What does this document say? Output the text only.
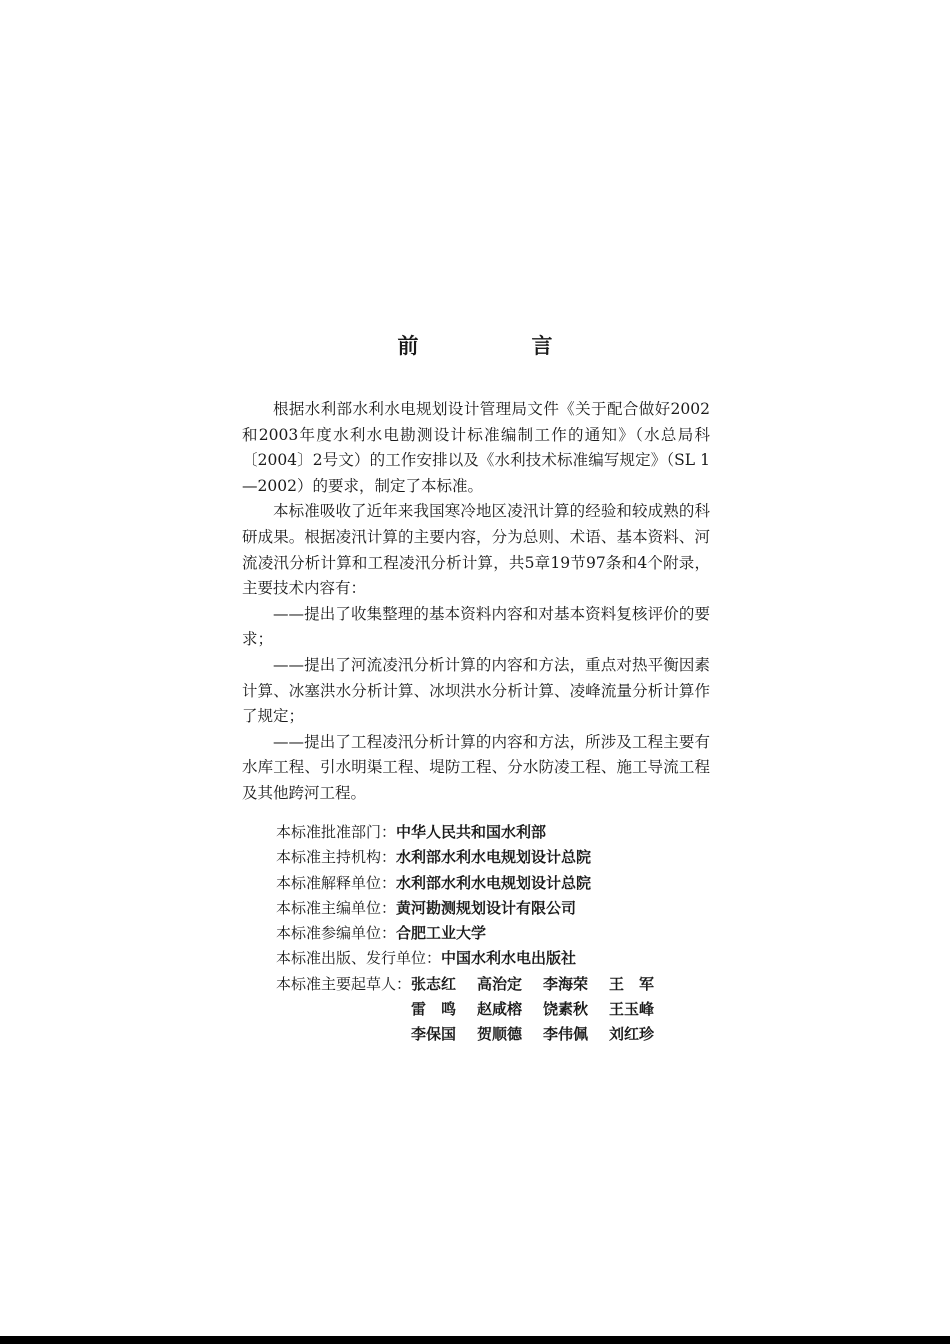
前　言

根据水利部水利水电规划设计管理局文件《关于配合做好2002和2003年度水利水电勘测设计标准编制工作的通知》（水总局科〔2004〕2号文）的工作安排以及《水利技术标准编写规定》（SL 1—2002）的要求，制定了本标准。

本标准吸收了近年来我国寒冷地区凌汛计算的经验和较成熟的科研成果。根据凌汛计算的主要内容，分为总则、术语、基本资料、河流凌汛分析计算和工程凌汛分析计算，共5章19节97条和4个附录，主要技术内容有：

——提出了收集整理的基本资料内容和对基本资料复核评价的要求；

——提出了河流凌汛分析计算的内容和方法，重点对热平衡因素计算、冰塞洪水分析计算、冰坝洪水分析计算、凌峰流量分析计算作了规定；

——提出了工程凌汛分析计算的内容和方法，所涉及工程主要有水库工程、引水明渠工程、堤防工程、分水防凌工程、施工导流工程及其他跨河工程。

本标准批准部门：中华人民共和国水利部
本标准主持机构：水利部水利水电规划设计总院
本标准解释单位：水利部水利水电规划设计总院
本标准主编单位：黄河勘测规划设计有限公司
本标准参编单位：合肥工业大学
本标准出版、发行单位：中国水利水电出版社
本标准主要起草人： 张志红 高治定 李海荣 王　军
雷　鸣 赵咸榕 饶素秋 王玉峰
李保国 贺顺德 李伟佩 刘红珍
